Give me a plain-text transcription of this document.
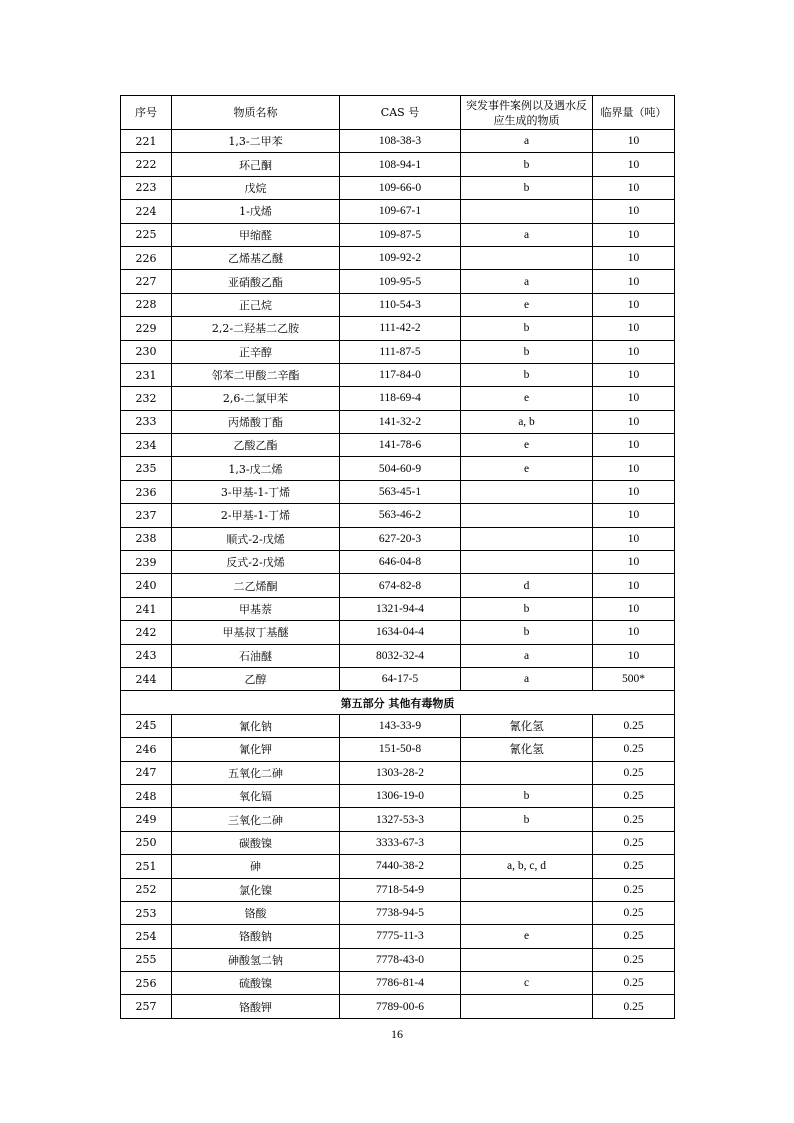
序号	物质名称	CAS 号	突发事件案例以及遇水反应生成的物质	临界量（吨）
221	1,3-二甲苯	108-38-3	a	10
222	环己酮	108-94-1	b	10
223	戊烷	109-66-0	b	10
224	1-戊烯	109-67-1		10
225	甲缩醛	109-87-5	a	10
226	乙烯基乙醚	109-92-2		10
227	亚硝酸乙酯	109-95-5	a	10
228	正己烷	110-54-3	e	10
229	2,2-二羟基二乙胺	111-42-2	b	10
230	正辛醇	111-87-5	b	10
231	邻苯二甲酸二辛酯	117-84-0	b	10
232	2,6-二氯甲苯	118-69-4	e	10
233	丙烯酸丁酯	141-32-2	a, b	10
234	乙酸乙酯	141-78-6	e	10
235	1,3-戊二烯	504-60-9	e	10
236	3-甲基-1-丁烯	563-45-1		10
237	2-甲基-1-丁烯	563-46-2		10
238	顺式-2-戊烯	627-20-3		10
239	反式-2-戊烯	646-04-8		10
240	二乙烯酮	674-82-8	d	10
241	甲基萘	1321-94-4	b	10
242	甲基叔丁基醚	1634-04-4	b	10
243	石油醚	8032-32-4	a	10
244	乙醇	64-17-5	a	500*
第五部分 其他有毒物质				
245	氰化钠	143-33-9	氰化氢	0.25
246	氰化钾	151-50-8	氰化氢	0.25
247	五氧化二砷	1303-28-2		0.25
248	氧化镉	1306-19-0	b	0.25
249	三氧化二砷	1327-53-3	b	0.25
250	碳酸镍	3333-67-3		0.25
251	砷	7440-38-2	a, b, c, d	0.25
252	氯化镍	7718-54-9		0.25
253	铬酸	7738-94-5		0.25
254	铬酸钠	7775-11-3	e	0.25
255	砷酸氢二钠	7778-43-0		0.25
256	硫酸镍	7786-81-4	c	0.25
257	铬酸钾	7789-00-6		0.25
16
